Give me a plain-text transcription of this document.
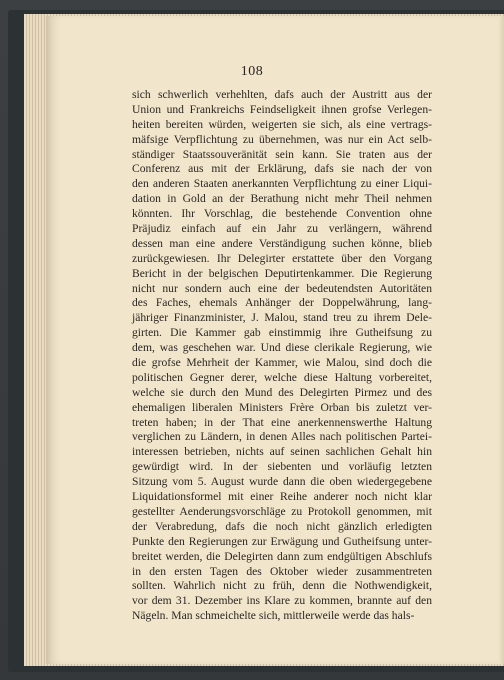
108
sich schwerlich verhehlten, dafs auch der Austritt aus der
Union und Frankreichs Feindseligkeit ihnen grofse Verlegen-
heiten bereiten würden, weigerten sie sich, als eine vertrags-
mäfsige Verpflichtung zu übernehmen, was nur ein Act selb-
ständiger Staatssouveränität sein kann. Sie traten aus der
Conferenz aus mit der Erklärung, dafs sie nach der von
den anderen Staaten anerkannten Verpflichtung zu einer Liqui-
dation in Gold an der Berathung nicht mehr Theil nehmen
könnten. Ihr Vorschlag, die bestehende Convention ohne
Präjudiz einfach auf ein Jahr zu verlängern, während
dessen man eine andere Verständigung suchen könne, blieb
zurückgewiesen. Ihr Delegirter erstattete über den Vorgang
Bericht in der belgischen Deputirtenkammer. Die Regierung
nicht nur sondern auch eine der bedeutendsten Autoritäten
des Faches, ehemals Anhänger der Doppelwährung, lang-
jähriger Finanzminister, J. Malou, stand treu zu ihrem Dele-
girten. Die Kammer gab einstimmig ihre Gutheifsung zu
dem, was geschehen war. Und diese clerikale Regierung, wie
die grofse Mehrheit der Kammer, wie Malou, sind doch die
politischen Gegner derer, welche diese Haltung vorbereitet,
welche sie durch den Mund des Delegirten Pirmez und des
ehemaligen liberalen Ministers Frère Orban bis zuletzt ver-
treten haben; in der That eine anerkennenswerthe Haltung
verglichen zu Ländern, in denen Alles nach politischen Partei-
interessen betrieben, nichts auf seinen sachlichen Gehalt hin
gewürdigt wird. In der siebenten und vorläufig letzten
Sitzung vom 5. August wurde dann die oben wiedergegebene
Liquidationsformel mit einer Reihe anderer noch nicht klar
gestellter Aenderungsvorschläge zu Protokoll genommen, mit
der Verabredung, dafs die noch nicht gänzlich erledigten
Punkte den Regierungen zur Erwägung und Gutheifsung unter-
breitet werden, die Delegirten dann zum endgültigen Abschlufs
in den ersten Tagen des Oktober wieder zusammentreten
sollten. Wahrlich nicht zu früh, denn die Nothwendigkeit,
vor dem 31. Dezember ins Klare zu kommen, brannte auf den
Nägeln. Man schmeichelte sich, mittlerweile werde das hals-
